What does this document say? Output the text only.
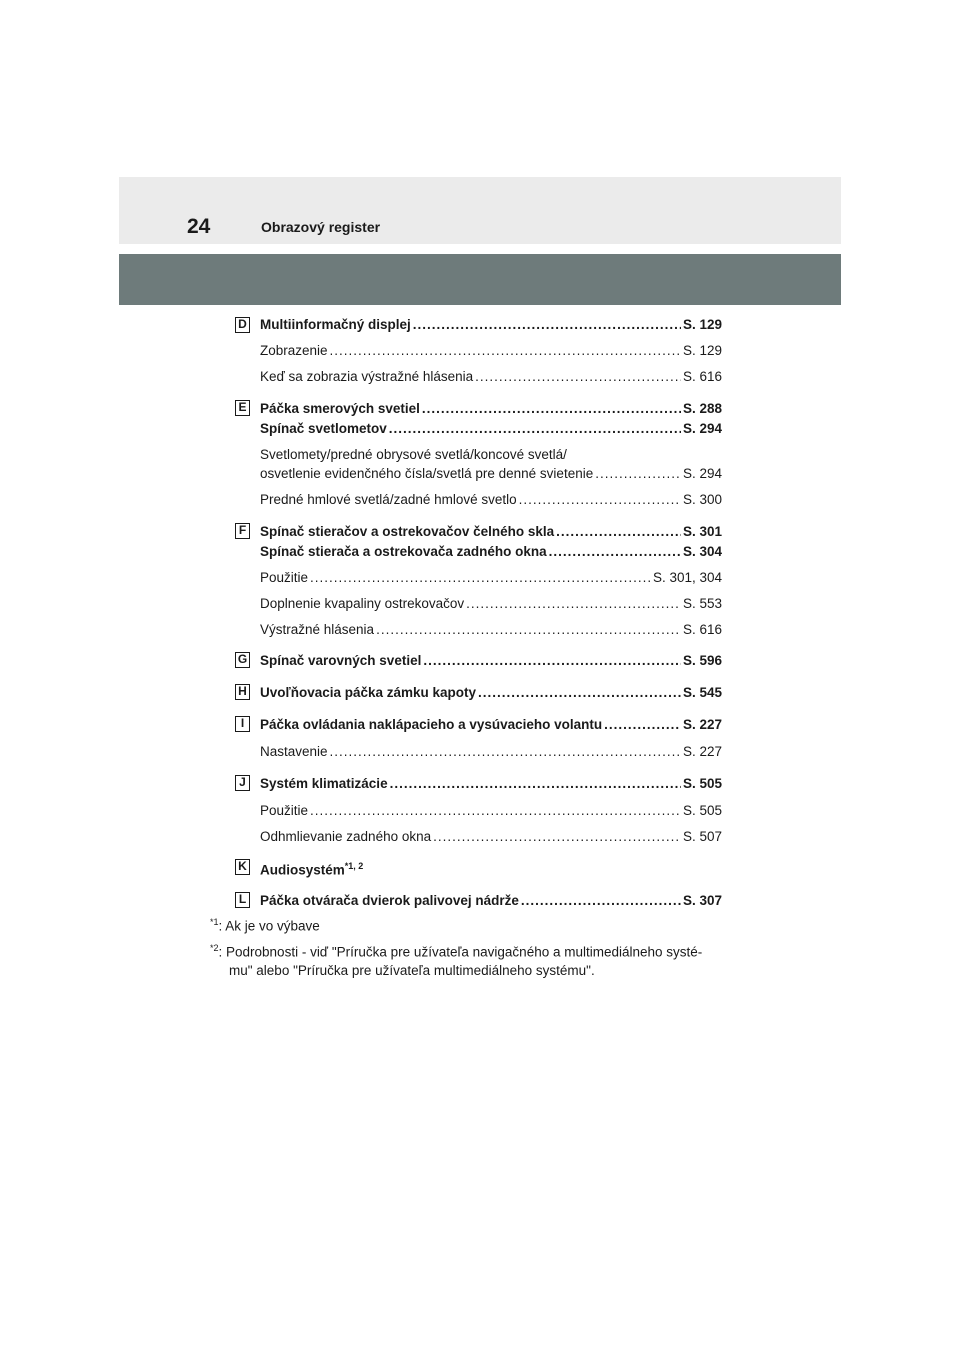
24	Obrazový register
D Multiinformačný displej .....	S. 129
Zobrazenie .....	S. 129
Keď sa zobrazia výstražné hlásenia .....	S. 616
E Páčka smerových svetiel .....	S. 288
Spínač svetlometov .....	S. 294
Svetlomety/predné obrysové svetlá/koncové svetlá/
osvetlenie evidenčného čísla/svetlá pre denné svietenie .....	S. 294
Predné hmlové svetlá/zadné hmlové svetlo .....	S. 300
F Spínač stieračov a ostrekovačov čelného skla .....	S. 301
Spínač stierača a ostrekovača zadného okna .....	S. 304
Použitie .....	S. 301, 304
Doplnenie kvapaliny ostrekovačov .....	S. 553
Výstražné hlásenia .....	S. 616
G Spínač varovných svetiel .....	S. 596
H Uvoľňovacia páčka zámku kapoty .....	S. 545
I	Páčka ovládania naklápacieho a vysúvacieho volantu .....	S. 227
Nastavenie .....	S. 227
J	Systém klimatizácie .....	S. 505
Použitie .....	S. 505
Odhmlievanie zadného okna .....	S. 507
K Audiosystém$^{*1, 2}$
L Páčka otvárača dvierok palivovej nádrže .....	S. 307
$^{*1}$: Ak je vo výbave
$^{*2}$: Podrobnosti - viď "Príručka pre užívateľa navigačného a multimediálneho systé-
mu" alebo "Príručka pre užívateľa multimediálneho systému".
